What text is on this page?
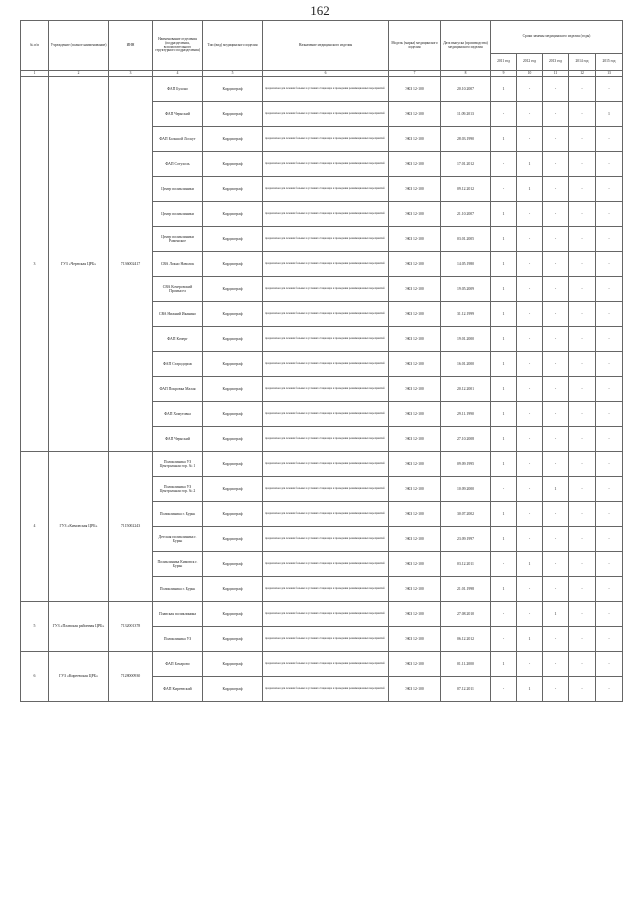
162
№ п/п	Учреждение (полное наименование)	ИНН	Наименование отделения (подразделения, вспомогательного структурного подразделения)	Тип (вид) медицинского изделия	Назначение медицинского изделия	Модель (марка) медицинского изделия	Дата выпуска (производства) медицинского изделия	Сроки замены медицинского изделия (годы)				
								2011 год	2012 год	2013 год	2014 год	2015 год
1	2	3	4	5	6	7	8	9	10	11	12	13
3	ГУЗ «Чернская ЦРБ»	7136002417	ФАП Бухоно	Кардиограф	предназначен для лечения больных в условиях стационара и проведения реанимационных мероприятий	ЭКЗ 12-100	20.10.2007	1	-	-	-	-
			ФАП Чернский	Кардиограф	предназначен для лечения больных в условиях стационара и проведения реанимационных мероприятий	ЭКЗ 12-100	11.09.2013	-	-	-	-	1
			ФАП Большой Лоскут	Кардиограф	предназначен для лечения больных в условиях стационара и проведения реанимационных мероприятий	ЭКЗ 12-100	28.03.1990	1	-	-	-	-
			ФАП Сотухоль	Кардиограф	предназначен для лечения больных в условиях стационара и проведения реанимационных мероприятий	ЭКЗ 12-100	17.01.2012	-	1	-	-	-
			Центр поликлиники	Кардиограф	предназначен для лечения больных в условиях стационара и проведения реанимационных мероприятий	ЭКЗ 12-100	09.12.2012	-	1	-	-	-
			Центр поликлиники	Кардиограф	предназначен для лечения больных в условиях стационара и проведения реанимационных мероприятий	ЭКЗ 12-100	21.10.2007	1	-	-	-	-
			Центр поликлиники Раменское	Кардиограф	предназначен для лечения больных в условиях стационара и проведения реанимационных мероприятий	ЭКЗ 12-100	03.01.2005	1	-	-	-	-
			СВА Локно Наволок	Кардиограф	предназначен для лечения больных в условиях стационара и проведения реанимационных мероприятий	ЭКЗ 12-100	14.05.1980	1	-	-	-	-
			СВА Кочеровский Промысел	Кардиограф	предназначен для лечения больных в условиях стационара и проведения реанимационных мероприятий	ЭКЗ 12-100	19.05.2009	1	-	-	-	-
			СВА Нижний Иканино	Кардиограф	предназначен для лечения больных в условиях стационара и проведения реанимационных мероприятий	ЭКЗ 12-100	31.12.1999	1	-	-	-	-
			ФАП Кочерг	Кардиограф	предназначен для лечения больных в условиях стационара и проведения реанимационных мероприятий	ЭКЗ 12-100	19.01.2000	1	-	-	-	-
			ФАП Стародорож	Кардиограф	предназначен для лечения больных в условиях стационара и проведения реанимационных мероприятий	ЭКЗ 12-100	16.01.2000	1	-	-	-	-
			ФАП Покровка Малая	Кардиограф	предназначен для лечения больных в условиях стационара и проведения реанимационных мероприятий	ЭКЗ 12-100	20.12.2001	1	-	-	-	-
			ФАП Хомутовка	Кардиограф	предназначен для лечения больных в условиях стационара и проведения реанимационных мероприятий	ЭКЗ 12-100	29.11.1990	1	-	-	-	-
			ФАП Чернский	Кардиограф	предназначен для лечения больных в условиях стационара и проведения реанимационных мероприятий	ЭКЗ 12-100	27.10.2008	1	-	-	-	-
4	ГУЗ «Кимовская ЦРБ»	7115002243	Поликлиника УЗ Центральная гор. № 1	Кардиограф	предназначен для лечения больных в условиях стационара и проведения реанимационных мероприятий	ЭКЗ 12-100	09.09.1995	1	-	-	-	-
			Поликлиника УЗ Центральная гор. № 2	Кардиограф	предназначен для лечения больных в условиях стационара и проведения реанимационных мероприятий	ЭКЗ 12-100	10.09.2000	-	-	1	-	-
			Поликлиника г. Бурьк	Кардиограф	предназначен для лечения больных в условиях стационара и проведения реанимационных мероприятий	ЭКЗ 12-100	30.07.2002	1	-	-	-	-
			Детская поликлиника г. Бурьк	Кардиограф	предназначен для лечения больных в условиях стационара и проведения реанимационных мероприятий	ЭКЗ 12-100	23.09.1997	1	-	-	-	-
			Поликлиника Кимовск г. Бурьк	Кардиограф	предназначен для лечения больных в условиях стационара и проведения реанимационных мероприятий	ЭКЗ 12-100	03.12.2011	-	1	-	-	-
			Поликлиника г. Бурьк	Кардиограф	предназначен для лечения больных в условиях стационара и проведения реанимационных мероприятий	ЭКЗ 12-100	21.01.1998	1	-	-	-	-
5	ГУЗ «Плавская районная ЦРБ»	7132001378	Плавская поликлиника	Кардиограф	предназначен для лечения больных в условиях стационара и проведения реанимационных мероприятий	ЭКЗ 12-100	27.08.2010	-	-	1	-	-
			Поликлиника УЗ	Кардиограф	предназначен для лечения больных в условиях стационара и проведения реанимационных мероприятий	ЭКЗ 12-100	06.12.2012	-	1	-	-	-
6	ГУЗ «Киреевская ЦРБ»	7128000930	ФАП Бочарово	Кардиограф	предназначен для лечения больных в условиях стационара и проведения реанимационных мероприятий	ЭКЗ 12-100	01.11.2000	1	-	-	-	-
			ФАП Киреевский	Кардиограф	предназначен для лечения больных в условиях стационара и проведения реанимационных мероприятий	ЭКЗ 12-100	07.12.2011	-	1	-	-	-
